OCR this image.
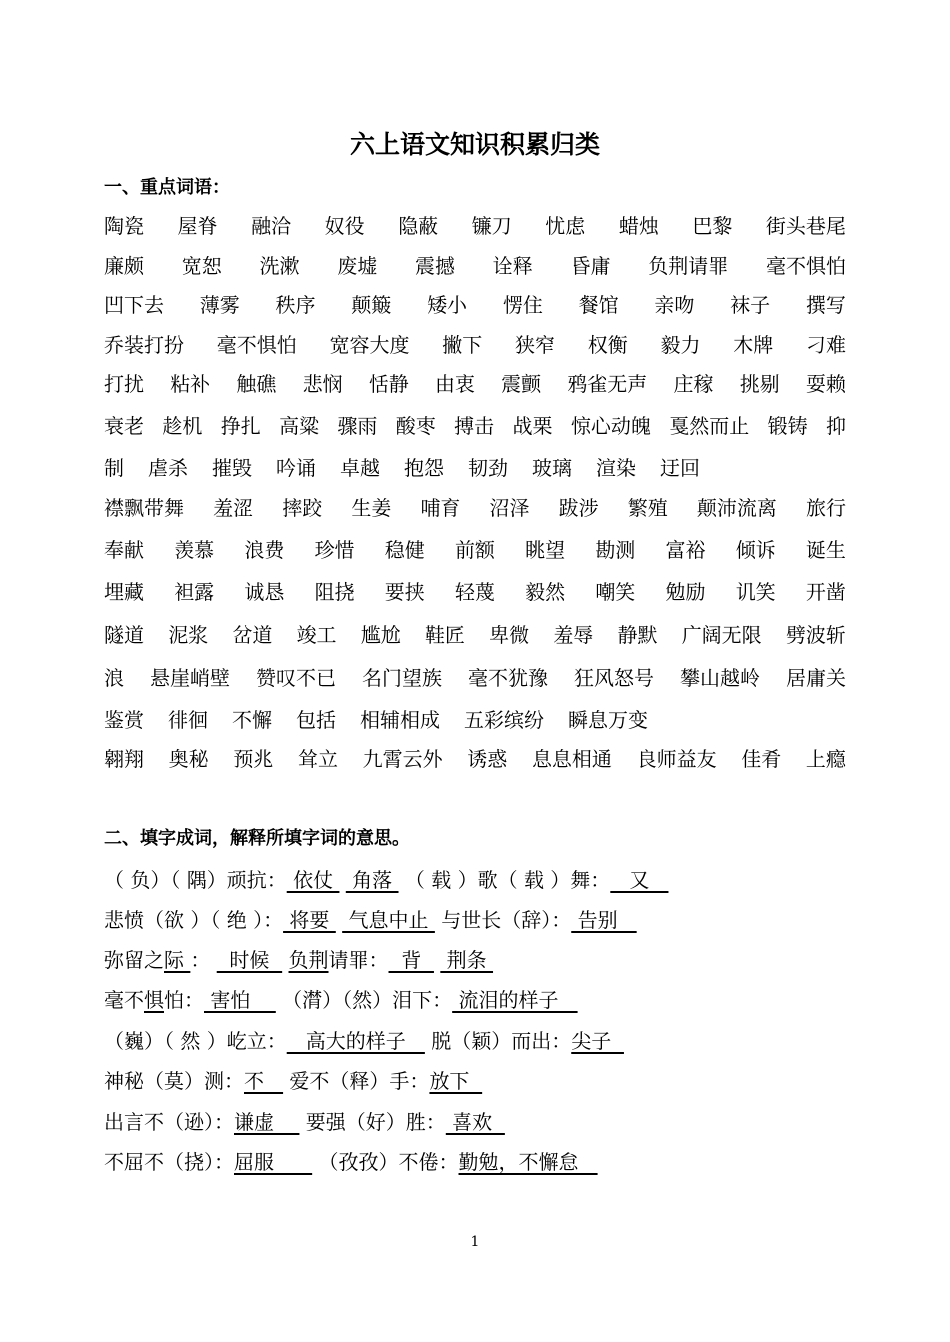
六上语文知识积累归类
一、重点词语：
陶瓷 屋脊 融洽 奴役 隐蔽 镰刀 忧虑 蜡烛 巴黎 街头巷尾
廉颇 宽恕 洗漱 废墟 震撼 诠释 昏庸 负荆请罪 毫不惧怕
凹下去 薄雾 秩序 颠簸 矮小 愣住 餐馆 亲吻 袜子 撰写
乔装打扮 毫不惧怕 宽容大度 撇下 狭窄 权衡 毅力 木牌 刁难
打扰 粘补 触礁 悲悯 恬静 由衷 震颤 鸦雀无声 庄稼 挑剔 耍赖
衰老 趁机 挣扎 高粱 骤雨 酸枣 搏击 战栗 惊心动魄 戛然而止 锻铸 抑
制 虐杀 摧毁 吟诵 卓越 抱怨 韧劲 玻璃 渲染 迂回
襟飘带舞 羞涩 摔跤 生姜 哺育 沼泽 跋涉 繁殖 颠沛流离 旅行
奉献 羡慕 浪费 珍惜 稳健 前额 眺望 勘测 富裕 倾诉 诞生
埋藏 袒露 诚恳 阻挠 要挟 轻蔑 毅然 嘲笑 勉励 讥笑 开凿
隧道 泥浆 岔道 竣工 尴尬 鞋匠 卑微 羞辱 静默 广阔无限 劈波斩
浪 悬崖峭壁 赞叹不已 名门望族 毫不犹豫 狂风怒号 攀山越岭 居庸关
鉴赏 徘徊 不懈 包括 相辅相成 五彩缤纷 瞬息万变
翱翔 奥秘 预兆 耸立 九霄云外 诱惑 息息相通 良师益友 佳肴 上瘾
二、填字成词，解释所填字词的意思。
（ 负）（ 隅）顽抗： 依仗   角落  （ 载 ）歌（ 载 ）舞：   又
悲愤（欲 ）（ 绝 ）： 将要   气息中止  与世长（辞）： 告别
弥留之际 ：   时候   负荆请罪：  背    荆条
毫不惧怕： 害怕     （潸）（然）泪下： 流泪的样子
（巍）（ 然 ）屹立：   高大的样子    脱（颖）而出：尖子
神秘（莫）测：不    爱不（释）手：放下
出言不（逊）：谦虚     要强（好）胜： 喜欢
不屈不（挠）：屈服       （孜孜）不倦：勤勉，不懈怠
1
